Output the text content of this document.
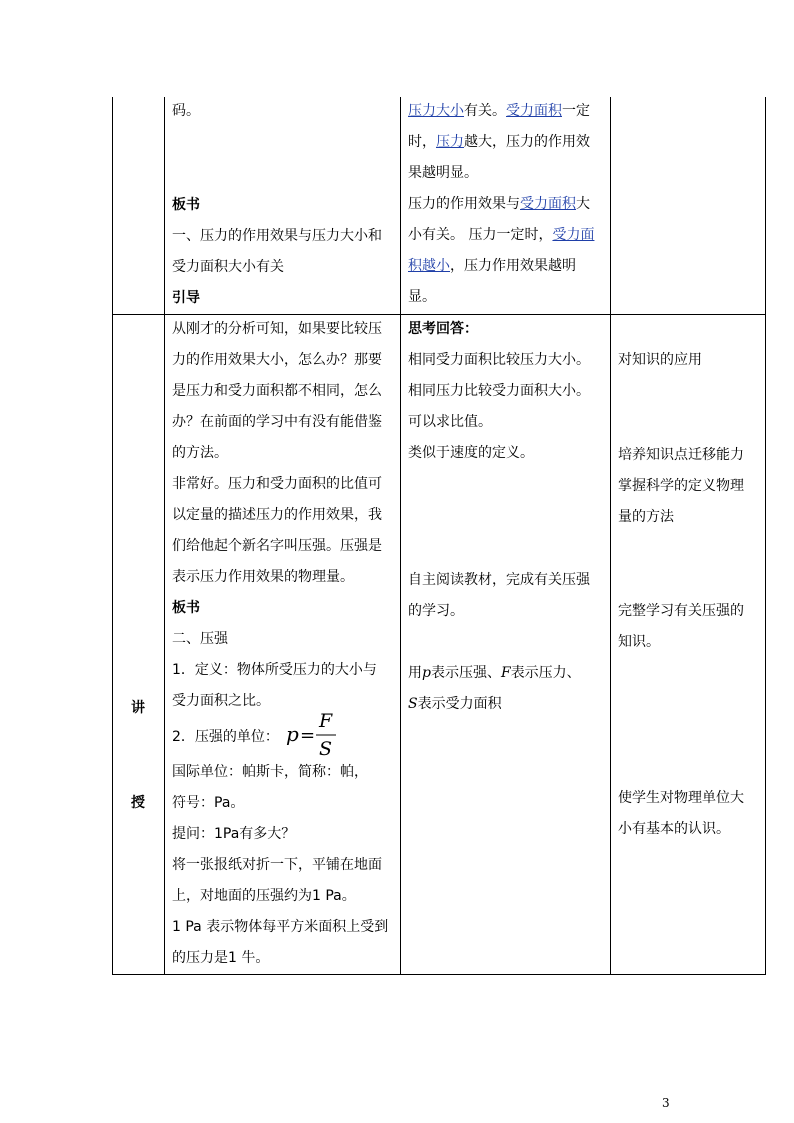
码。

板书

一、压力的作用效果与压力大小和

受力面积大小有关

引导

压力大小有关。受力面积一定

时，压力越大，压力的作用效

果越明显。

压力的作用效果与受力面积大

小有关。 压力一定时，受力面

积越小，压力作用效果越明

显。

讲
授

从刚才的分析可知，如果要比较压

力的作用效果大小，怎么办？那要

是压力和受力面积都不相同，怎么

办？在前面的学习中有没有能借鉴

的方法。

非常好。压力和受力面积的比值可

以定量的描述压力的作用效果，我

们给他起个新名字叫压强。压强是

表示压力作用效果的物理量。

板书

二、压强

1．定义：物体所受压力的大小与

受力面积之比。

2．压强的单位： p =
F
S

国际单位：帕斯卡，简称：帕，

符号：Pa。

提问：1Pa有多大？

将一张报纸对折一下，平铺在地面

上，对地面的压强约为1 Pa。

1 Pa 表示物体每平方米面积上受到

的压力是1 牛。

思考回答：

相同受力面积比较压力大小。

相同压力比较受力面积大小。

可以求比值。

类似于速度的定义。

自主阅读教材，完成有关压强

的学习。

用p表示压强、F表示压力、

S表示受力面积

对知识的应用

培养知识点迁移能力

掌握科学的定义物理

量的方法

完整学习有关压强的

知识。

使学生对物理单位大

小有基本的认识。

3
